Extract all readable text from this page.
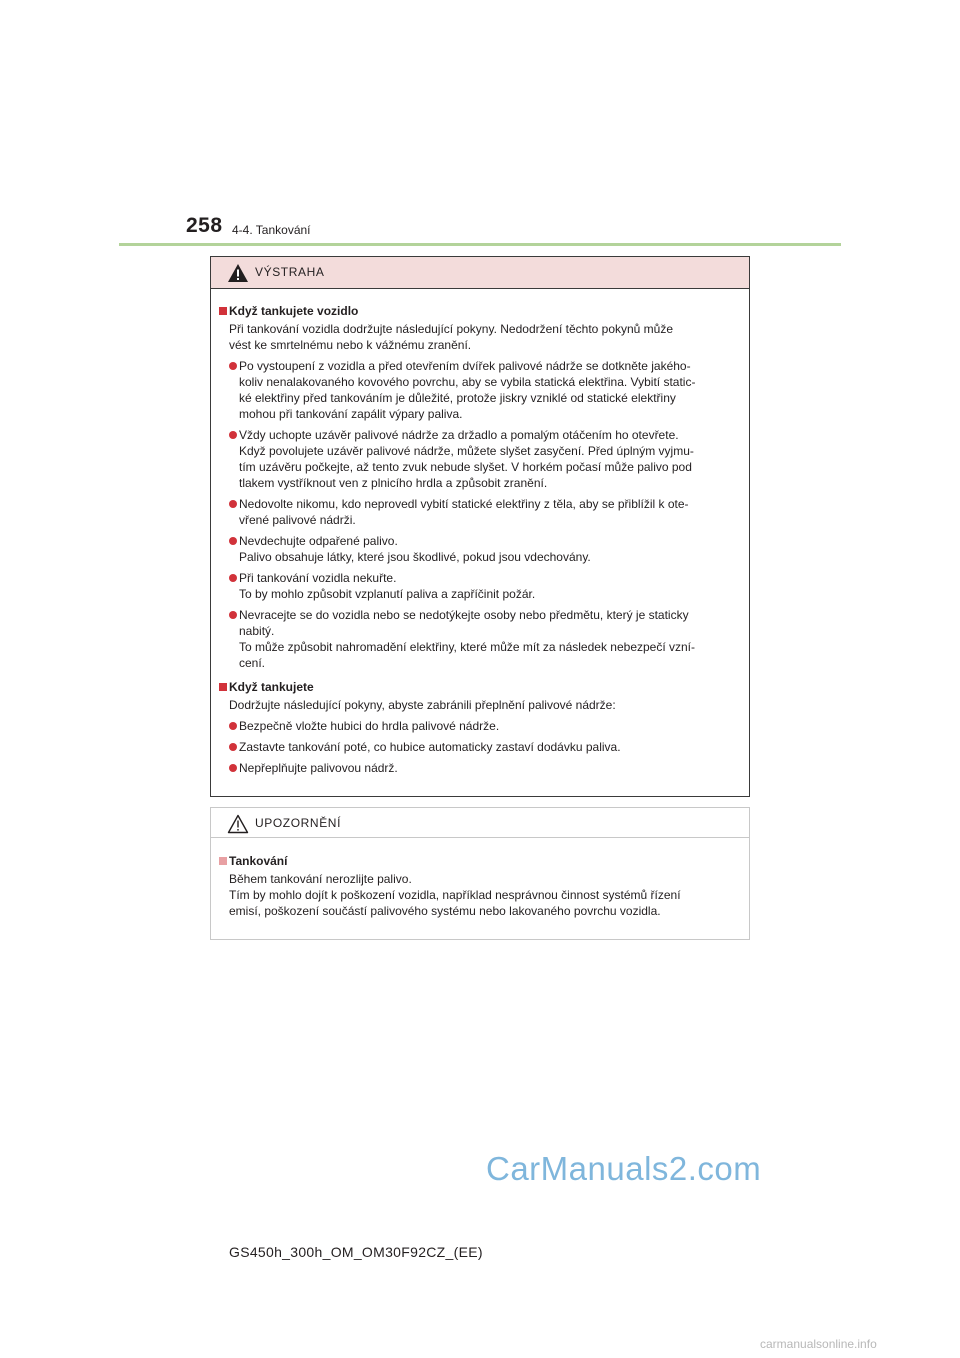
258 4-4. Tankování
VÝSTRAHA
Když tankujete vozidlo
Při tankování vozidla dodržujte následující pokyny. Nedodržení těchto pokynů může
vést ke smrtelnému nebo k vážnému zranění.
Po vystoupení z vozidla a před otevřením dvířek palivové nádrže se dotkněte jakého-
koliv nenalakovaného kovového povrchu, aby se vybila statická elektřina. Vybití static-
ké elektřiny před tankováním je důležité, protože jiskry vzniklé od statické elektřiny
mohou při tankování zapálit výpary paliva.
Vždy uchopte uzávěr palivové nádrže za držadlo a pomalým otáčením ho otevřete.
Když povolujete uzávěr palivové nádrže, můžete slyšet zasyčení. Před úplným vyjmu-
tím uzávěru počkejte, až tento zvuk nebude slyšet. V horkém počasí může palivo pod
tlakem vystříknout ven z plnicího hrdla a způsobit zranění.
Nedovolte nikomu, kdo neprovedl vybití statické elektřiny z těla, aby se přiblížil k ote-
vřené palivové nádrži.
Nevdechujte odpařené palivo.
Palivo obsahuje látky, které jsou škodlivé, pokud jsou vdechovány.
Při tankování vozidla nekuřte.
To by mohlo způsobit vzplanutí paliva a zapříčinit požár.
Nevracejte se do vozidla nebo se nedotýkejte osoby nebo předmětu, který je staticky
nabitý.
To může způsobit nahromadění elektřiny, které může mít za následek nebezpečí vzní-
cení.
Když tankujete
Dodržujte následující pokyny, abyste zabránili přeplnění palivové nádrže:
Bezpečně vložte hubici do hrdla palivové nádrže.
Zastavte tankování poté, co hubice automaticky zastaví dodávku paliva.
Nepřeplňujte palivovou nádrž.
UPOZORNĚNÍ
Tankování
Během tankování nerozlijte palivo.
Tím by mohlo dojít k poškození vozidla, například nesprávnou činnost systémů řízení
emisí, poškození součástí palivového systému nebo lakovaného povrchu vozidla.
CarManuals2.com
GS450h_300h_OM_OM30F92CZ_(EE)
carmanualsonline.info
